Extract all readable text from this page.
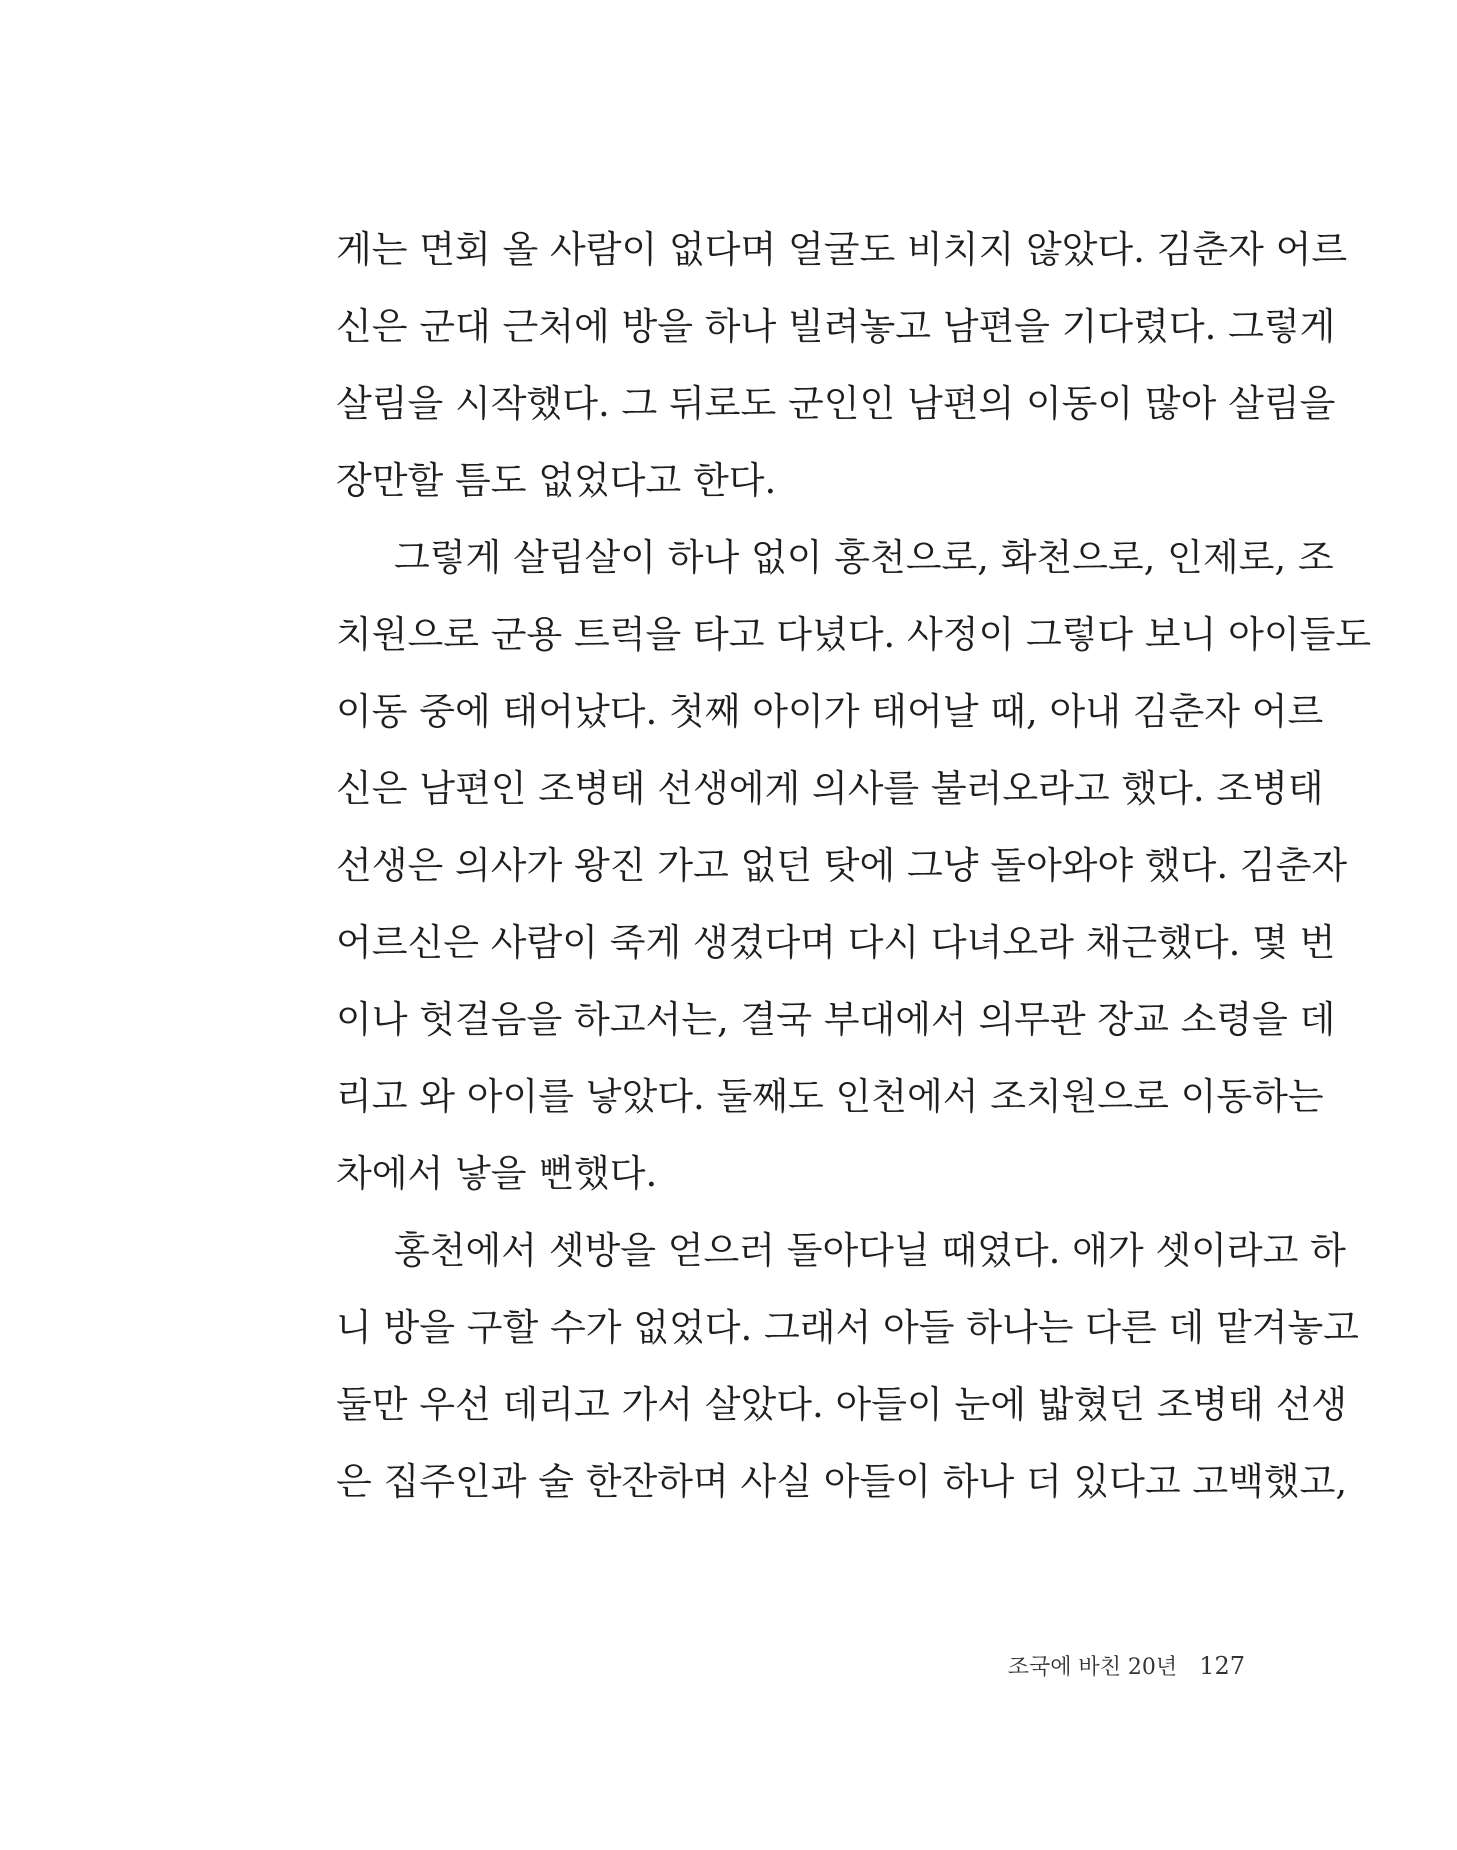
게는 면회 올 사람이 없다며 얼굴도 비치지 않았다. 김춘자 어르
신은 군대 근처에 방을 하나 빌려놓고 남편을 기다렸다. 그렇게
살림을 시작했다. 그 뒤로도 군인인 남편의 이동이 많아 살림을
장만할 틈도 없었다고 한다.
그렇게 살림살이 하나 없이 홍천으로, 화천으로, 인제로, 조
치원으로 군용 트럭을 타고 다녔다. 사정이 그렇다 보니 아이들도
이동 중에 태어났다. 첫째 아이가 태어날 때, 아내 김춘자 어르
신은 남편인 조병태 선생에게 의사를 불러오라고 했다. 조병태
선생은 의사가 왕진 가고 없던 탓에 그냥 돌아와야 했다. 김춘자
어르신은 사람이 죽게 생겼다며 다시 다녀오라 채근했다. 몇 번
이나 헛걸음을 하고서는, 결국 부대에서 의무관 장교 소령을 데
리고 와 아이를 낳았다. 둘째도 인천에서 조치원으로 이동하는
차에서 낳을 뻔했다.
홍천에서 셋방을 얻으러 돌아다닐 때였다. 애가 셋이라고 하
니 방을 구할 수가 없었다. 그래서 아들 하나는 다른 데 맡겨놓고
둘만 우선 데리고 가서 살았다. 아들이 눈에 밟혔던 조병태 선생
은 집주인과 술 한잔하며 사실 아들이 하나 더 있다고 고백했고,
조국에 바친 20년 127
